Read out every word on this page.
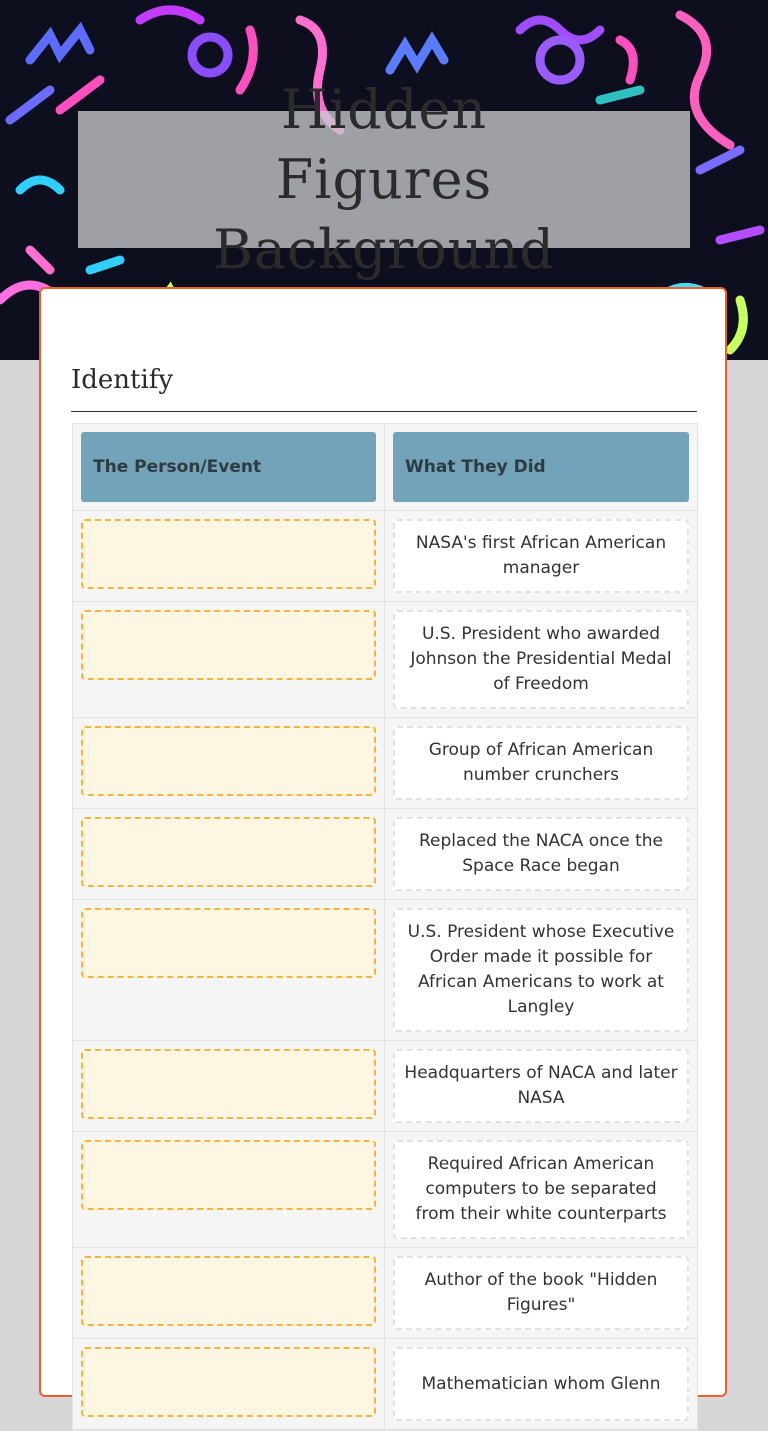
Hidden Figures Background
Identify
The Person/Event	What They Did
NASA's first African American manager
U.S. President who awarded Johnson the Presidential Medal of Freedom
Group of African American number crunchers
Replaced the NACA once the Space Race began
U.S. President whose Executive Order made it possible for African Americans to work at Langley
Headquarters of NACA and later NASA
Required African American computers to be separated from their white counterparts
Author of the book "Hidden Figures"
Mathematician whom Glenn
